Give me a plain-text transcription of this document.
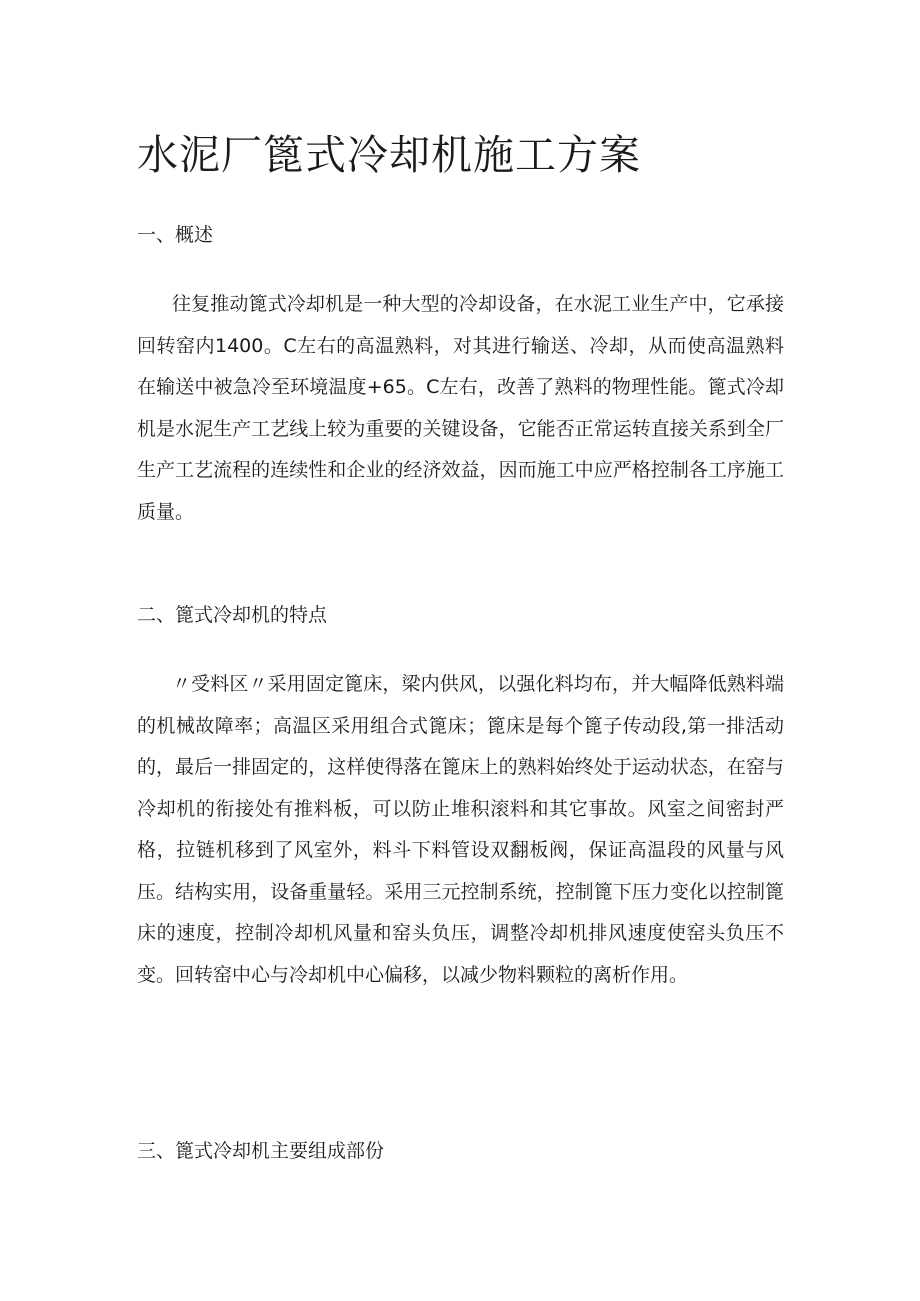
水泥厂篦式冷却机施工方案
一、概述

往复推动篦式冷却机是一种大型的冷却设备，在水泥工业生产中，它承接回转窑内1400。C左右的高温熟料，对其进行输送、冷却，从而使高温熟料在输送中被急冷至环境温度+65。C左右，改善了熟料的物理性能。篦式冷却机是水泥生产工艺线上较为重要的关键设备，它能否正常运转直接关系到全厂生产工艺流程的连续性和企业的经济效益，因而施工中应严格控制各工序施工质量。

二、篦式冷却机的特点

〃受料区〃采用固定篦床，梁内供风，以强化料均布，并大幅降低熟料端的机械故障率；高温区采用组合式篦床；篦床是每个篦子传动段,第一排活动的，最后一排固定的，这样使得落在篦床上的熟料始终处于运动状态，在窑与冷却机的衔接处有推料板，可以防止堆积滚料和其它事故。风室之间密封严格，拉链机移到了风室外，料斗下料管设双翻板阀，保证高温段的风量与风压。结构实用，设备重量轻。采用三元控制系统，控制篦下压力变化以控制篦床的速度，控制冷却机风量和窑头负压，调整冷却机排风速度使窑头负压不变。回转窑中心与冷却机中心偏移，以减少物料颗粒的离析作用。

三、篦式冷却机主要组成部份
